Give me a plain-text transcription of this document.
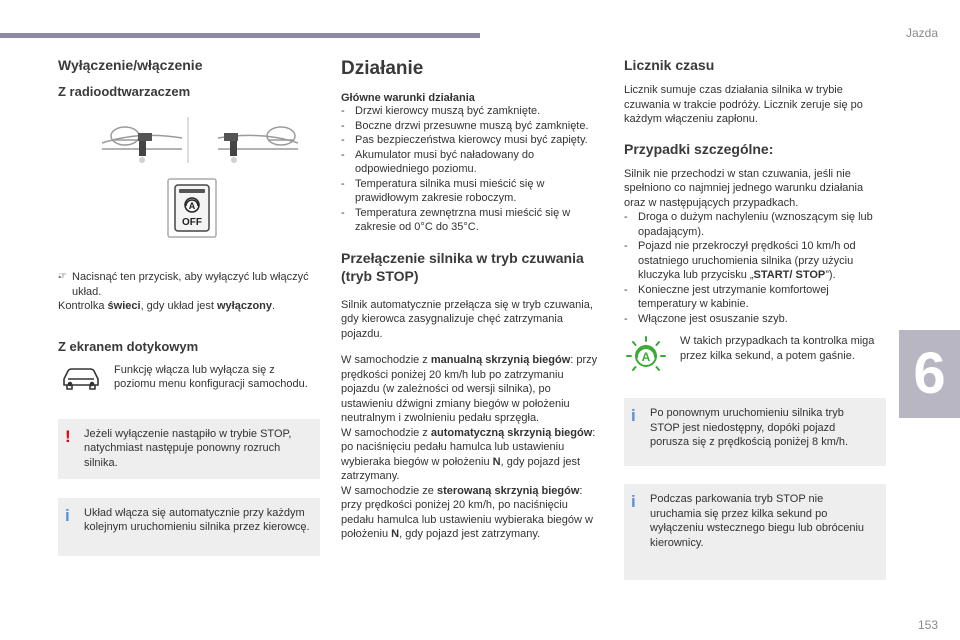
Jazda
Wyłączenie/włączenie
Z radioodtwarzaczem
A
OFF
- ☞ Nacisnąć ten przycisk, aby wyłączyć lub włączyć układ.

Kontrolka świeci, gdy układ jest wyłączony.

Z ekranem dotykowym

Funkcję włącza lub wyłącza się z poziomu menu konfiguracji samochodu.

! Jeżeli wyłączenie nastąpiło w trybie STOP, natychmiast następuje ponowny rozruch silnika.
i Układ włącza się automatycznie przy każdym kolejnym uruchomieniu silnika przez kierowcę.
Działanie
Główne warunki działania
- Drzwi kierowcy muszą być zamknięte.
- Boczne drzwi przesuwne muszą być zamknięte.
- Pas bezpieczeństwa kierowcy musi być zapięty.
- Akumulator musi być naładowany do odpowiedniego poziomu.
- Temperatura silnika musi mieścić się w prawidłowym zakresie roboczym.
- Temperatura zewnętrzna musi mieścić się w zakresie od 0°C do 35°C.
Przełączenie silnika w tryb czuwania (tryb STOP)

Silnik automatycznie przełącza się w tryb czuwania, gdy kierowca zasygnalizuje chęć zatrzymania pojazdu.

W samochodzie z manualną skrzynią biegów: przy prędkości poniżej 20 km/h lub po zatrzymaniu pojazdu (w zależności od wersji silnika), po ustawieniu dźwigni zmiany biegów w położeniu neutralnym i zwolnieniu pedału sprzęgła.
W samochodzie z automatyczną skrzynią biegów: po naciśnięciu pedału hamulca lub ustawieniu wybieraka biegów w położeniu N, gdy pojazd jest zatrzymany.
W samochodzie ze sterowaną skrzynią biegów: przy prędkości poniżej 20 km/h, po naciśnięciu pedału hamulca lub ustawieniu wybieraka biegów w położeniu N, gdy pojazd jest zatrzymany.

Licznik czasu

Licznik sumuje czas działania silnika w trybie czuwania w trakcie podróży. Licznik zeruje się po każdym włączeniu zapłonu.

Przypadki szczególne:

Silnik nie przechodzi w stan czuwania, jeśli nie spełniono co najmniej jednego warunku działania oraz w następujących przypadkach.

- Droga o dużym nachyleniu (wznoszącym się lub opadającym).
- Pojazd nie przekroczył prędkości 10 km/h od ostatniego uruchomienia silnika (przy użyciu kluczyka lub przycisku „START/ STOP”).
- Konieczne jest utrzymanie komfortowej temperatury w kabinie.
- Włączone jest osuszanie szyb.
A

W takich przypadkach ta kontrolka miga przez kilka sekund, a potem gaśnie.

i Po ponownym uruchomieniu silnika tryb STOP jest niedostępny, dopóki pojazd porusza się z prędkością poniżej 8 km/h.
i Podczas parkowania tryb STOP nie uruchamia się przez kilka sekund po wyłączeniu wstecznego biegu lub obróceniu kierownicy.
6
153
